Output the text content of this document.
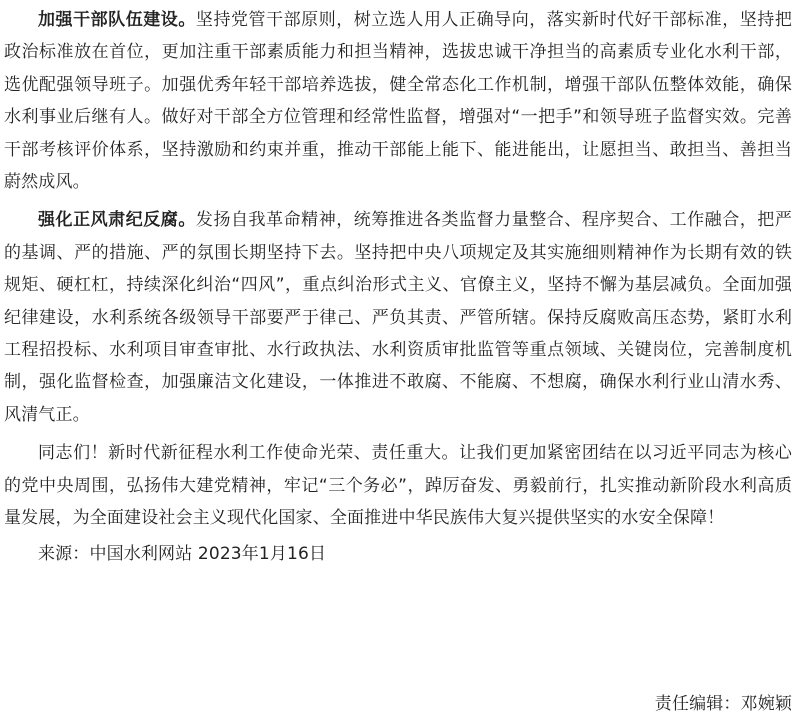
加强干部队伍建设。坚持党管干部原则，树立选人用人正确导向，落实新时代好干部标准，坚持把政治标准放在首位，更加注重干部素质能力和担当精神，选拔忠诚干净担当的高素质专业化水利干部，选优配强领导班子。加强优秀年轻干部培养选拔，健全常态化工作机制，增强干部队伍整体效能，确保水利事业后继有人。做好对干部全方位管理和经常性监督，增强对“一把手”和领导班子监督实效。完善干部考核评价体系，坚持激励和约束并重，推动干部能上能下、能进能出，让愿担当、敢担当、善担当蔚然成风。

强化正风肃纪反腐。发扬自我革命精神，统筹推进各类监督力量整合、程序契合、工作融合，把严的基调、严的措施、严的氛围长期坚持下去。坚持把中央八项规定及其实施细则精神作为长期有效的铁规矩、硬杠杠，持续深化纠治“四风”，重点纠治形式主义、官僚主义，坚持不懈为基层减负。全面加强纪律建设，水利系统各级领导干部要严于律己、严负其责、严管所辖。保持反腐败高压态势，紧盯水利工程招投标、水利项目审查审批、水行政执法、水利资质审批监管等重点领域、关键岗位，完善制度机制，强化监督检查，加强廉洁文化建设，一体推进不敢腐、不能腐、不想腐，确保水利行业山清水秀、风清气正。

同志们！新时代新征程水利工作使命光荣、责任重大。让我们更加紧密团结在以习近平同志为核心的党中央周围，弘扬伟大建党精神，牢记“三个务必”，踔厉奋发、勇毅前行，扎实推动新阶段水利高质量发展，为全面建设社会主义现代化国家、全面推进中华民族伟大复兴提供坚实的水安全保障！

来源：中国水利网站 2023年1月16日

责任编辑：邓婉颖
